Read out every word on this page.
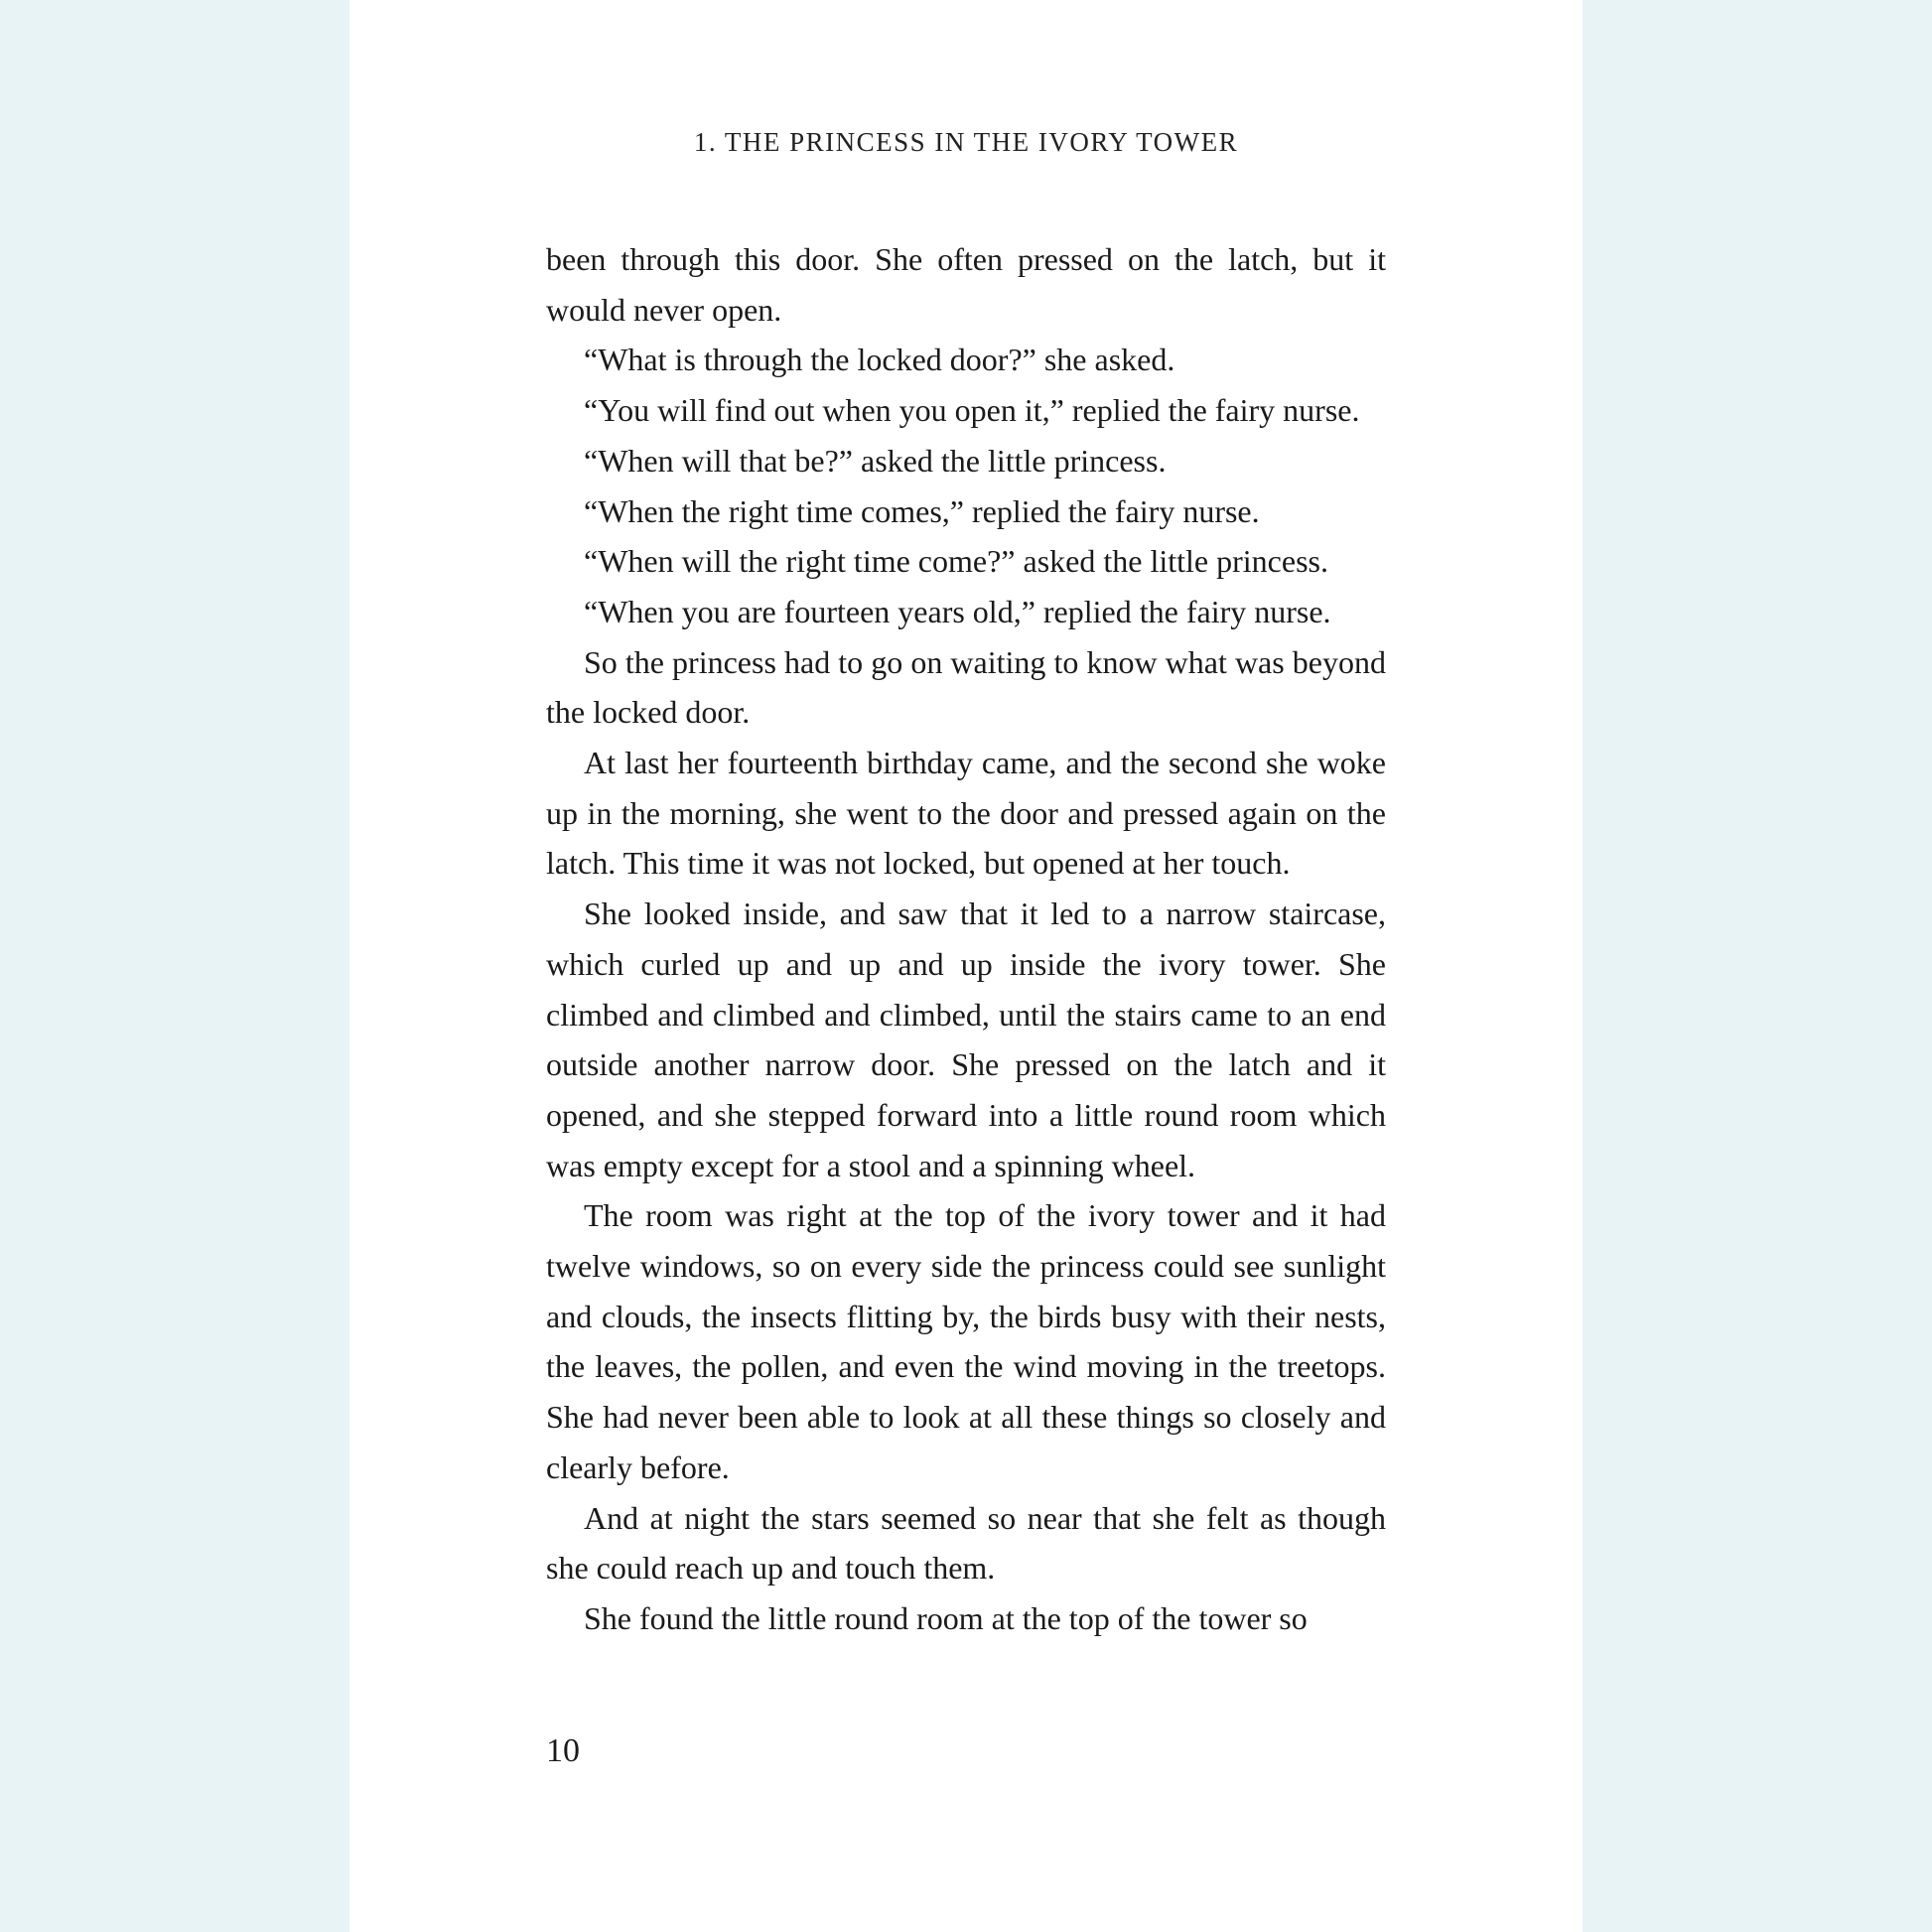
1. THE PRINCESS IN THE IVORY TOWER

been through this door. She often pressed on the latch, but it would never open.

“What is through the locked door?” she asked.

“You will find out when you open it,” replied the fairy nurse.

“When will that be?” asked the little princess.

“When the right time comes,” replied the fairy nurse.

“When will the right time come?” asked the little princess.

“When you are fourteen years old,” replied the fairy nurse.

So the princess had to go on waiting to know what was beyond the locked door.

At last her fourteenth birthday came, and the second she woke up in the morning, she went to the door and pressed again on the latch. This time it was not locked, but opened at her touch.

She looked inside, and saw that it led to a narrow staircase, which curled up and up and up inside the ivory tower. She climbed and climbed and climbed, until the stairs came to an end outside another narrow door. She pressed on the latch and it opened, and she stepped forward into a little round room which was empty except for a stool and a spinning wheel.

The room was right at the top of the ivory tower and it had twelve windows, so on every side the princess could see sunlight and clouds, the insects flitting by, the birds busy with their nests, the leaves, the pollen, and even the wind moving in the treetops. She had never been able to look at all these things so closely and clearly before.

And at night the stars seemed so near that she felt as though she could reach up and touch them.

She found the little round room at the top of the tower so

10
